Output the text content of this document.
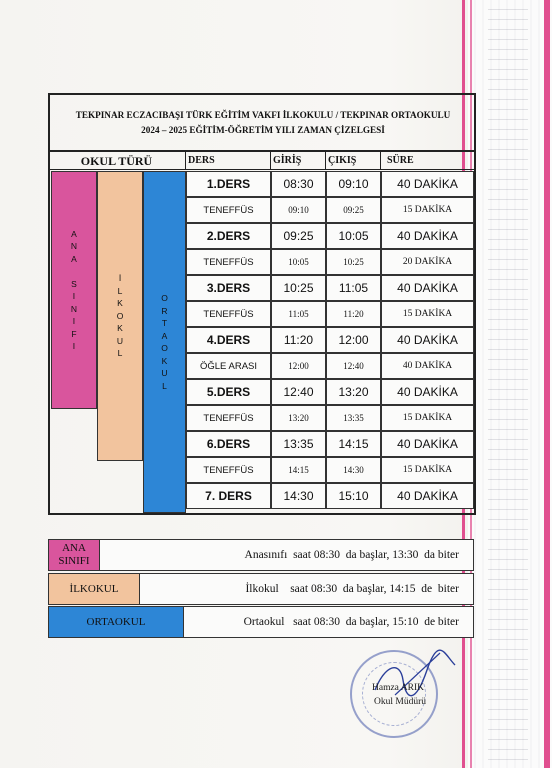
TEKPINAR ECZACIBAŞI TÜRK EĞİTİM VAKFI İLKOKULU / TEKPINAR ORTAOKULU
2024 – 2025 EĞİTİM-ÖĞRETİM YILI ZAMAN ÇİZELGESİ
OKUL TÜRÜ	DERS	GİRİŞ	ÇIKIŞ	SÜRE
A
N
A

S
I
N
I
F
I
İ
L
K
O
K
U
L
O
R
T
A
O
K
U
L
1.DERS	08:30	09:10	40 DAKİKA
TENEFFÜS	09:10	09:25	15 DAKİKA
2.DERS	09:25	10:05	40 DAKİKA
TENEFFÜS	10:05	10:25	20 DAKİKA
3.DERS	10:25	11:05	40 DAKİKA
TENEFFÜS	11:05	11:20	15 DAKİKA
4.DERS	11:20	12:00	40 DAKİKA
ÖĞLE ARASI	12:00	12:40	40 DAKİKA
5.DERS	12:40	13:20	40 DAKİKA
TENEFFÜS	13:20	13:35	15 DAKİKA
6.DERS	13:35	14:15	40 DAKİKA
TENEFFÜS	14:15	14:30	15 DAKİKA
7. DERS	14:30	15:10	40 DAKİKA
ANA SINIFI	Anasınıfı  saat 08:30  da başlar, 13:30  da biter
İLKOKUL	İlkokul    saat 08:30  da başlar, 14:15  de  biter
ORTAOKUL	Ortaokul   saat 08:30  da başlar, 15:10  de biter
Hamza ARIK
Okul Müdürü
